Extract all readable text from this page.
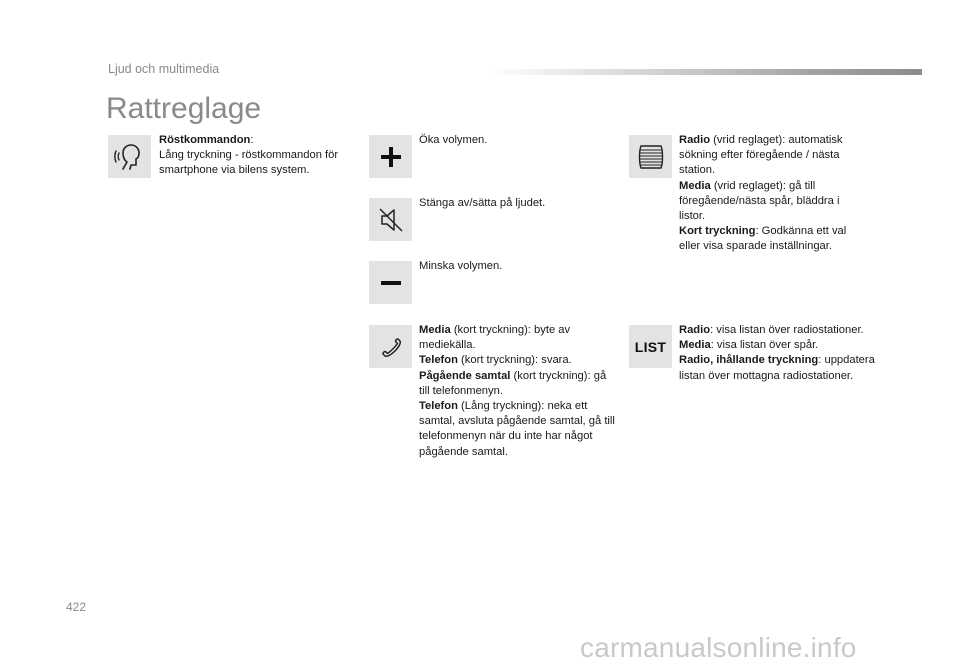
Ljud och multimedia
Rattreglage
Röstkommandon:
Lång tryckning - röstkommandon för smartphone via bilens system.
Öka volymen.
Stänga av/sätta på ljudet.
Minska volymen.
Media (kort tryckning): byte av mediekälla.
Telefon (kort tryckning): svara.
Pågående samtal (kort tryckning): gå till telefonmenyn.
Telefon (Lång tryckning): neka ett samtal, avsluta pågående samtal, gå till telefonmenyn när du inte har något pågående samtal.
Radio (vrid reglaget): automatisk sökning efter föregående / nästa station.
Media (vrid reglaget): gå till föregående/nästa spår, bläddra i listor.
Kort tryckning: Godkänna ett val eller visa sparade inställningar.
LIST
Radio: visa listan över radiostationer.
Media: visa listan över spår.
Radio, ihållande tryckning: uppdatera listan över mottagna radiostationer.
422
carmanualsonline.info
